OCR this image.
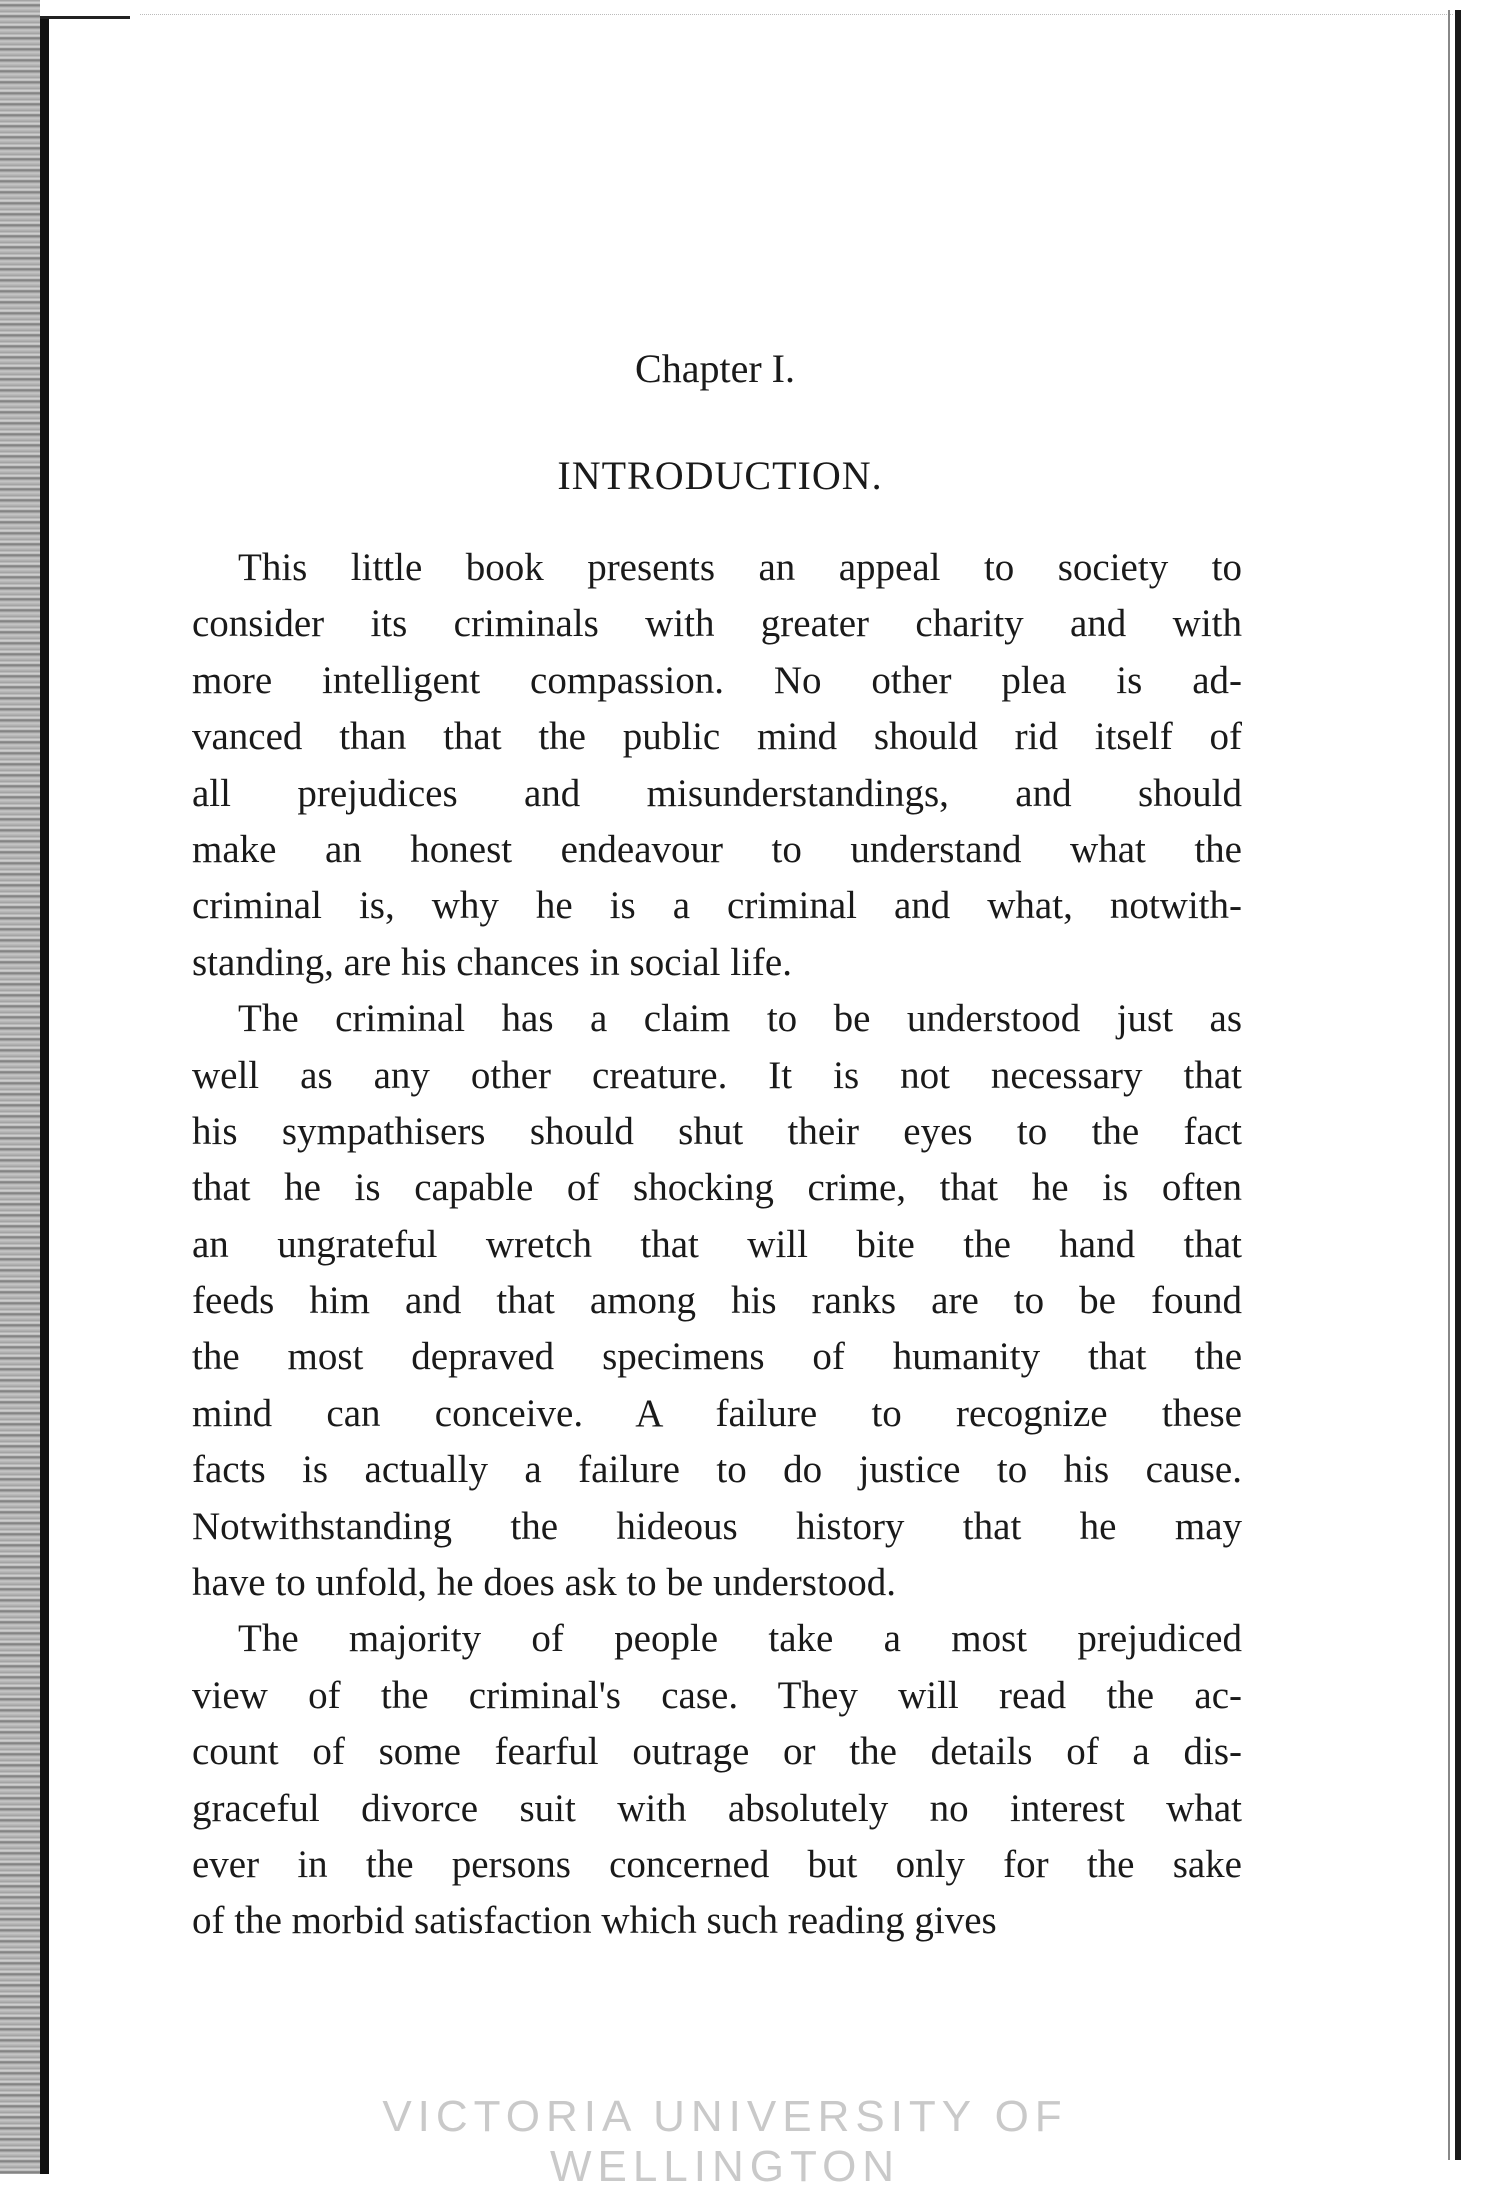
Chapter I.
INTRODUCTION.
This little book presents an appeal to society to
consider its criminals with greater charity and with
more intelligent compassion. No other plea is ad-
vanced than that the public mind should rid itself of
all prejudices and misunderstandings, and should
make an honest endeavour to understand what the
criminal is, why he is a criminal and what, notwith-
standing, are his chances in social life.
The criminal has a claim to be understood just as
well as any other creature. It is not necessary that
his sympathisers should shut their eyes to the fact
that he is capable of shocking crime, that he is often
an ungrateful wretch that will bite the hand that
feeds him and that among his ranks are to be found
the most depraved specimens of humanity that the
mind can conceive. A failure to recognize these
facts is actually a failure to do justice to his cause.
Notwithstanding the hideous history that he may
have to unfold, he does ask to be understood.
The majority of people take a most prejudiced
view of the criminal's case. They will read the ac-
count of some fearful outrage or the details of a dis-
graceful divorce suit with absolutely no interest what
ever in the persons concerned but only for the sake
of the morbid satisfaction which such reading gives
VICTORIA UNIVERSITY OF WELLINGTON
